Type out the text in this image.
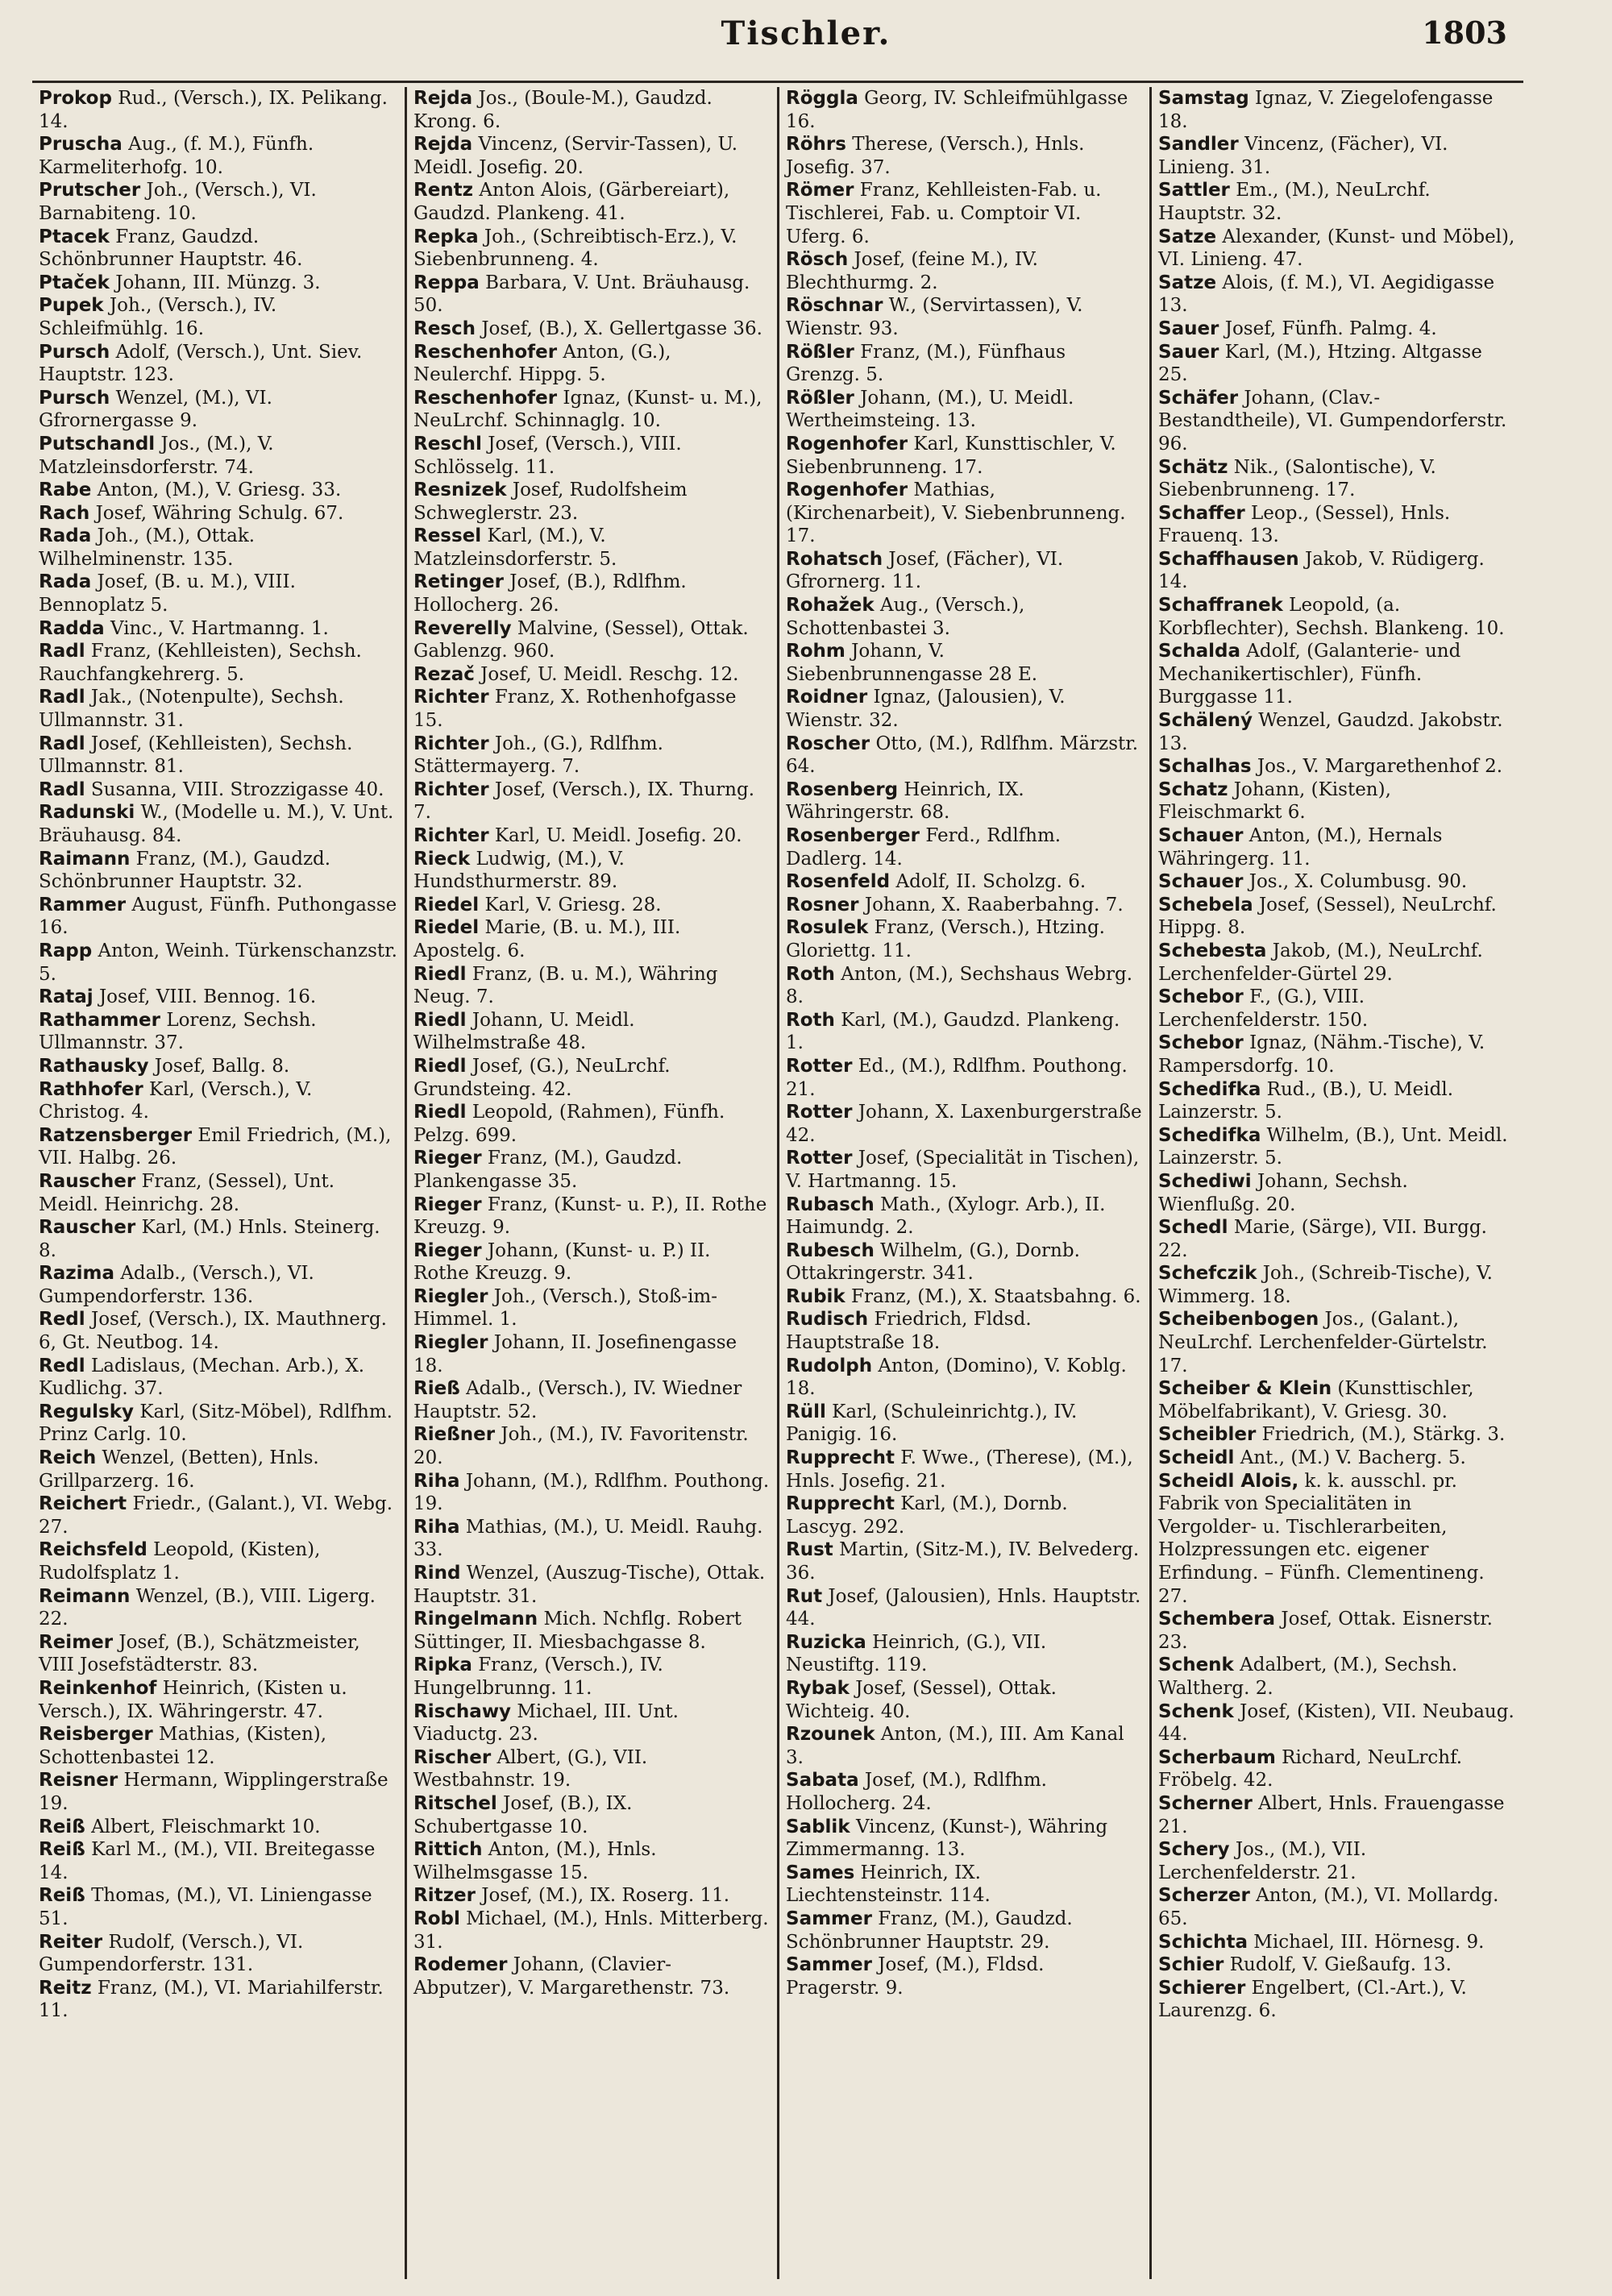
Tischler.	1803

Prokop Rud., (Versch.), IX. Pelikang. 14.

Pruscha Aug., (f. M.), Fünfh. Karmeliterhofg. 10.

Prutscher Joh., (Versch.), VI. Barnabiteng. 10.

Ptacek Franz, Gaudzd. Schönbrunner Hauptstr. 46.

Ptaček Johann, III. Münzg. 3.

Pupek Joh., (Versch.), IV. Schleifmühlg. 16.

Pursch Adolf, (Versch.), Unt. Siev. Hauptstr. 123.

Pursch Wenzel, (M.), VI. Gfrornergasse 9.

Putschandl Jos., (M.), V. Matzleinsdorferstr. 74.

Rabe Anton, (M.), V. Griesg. 33.

Rach Josef, Währing Schulg. 67.

Rada Joh., (M.), Ottak. Wilhelminenstr. 135.

Rada Josef, (B. u. M.), VIII. Bennoplatz 5.

Radda Vinc., V. Hartmanng. 1.

Radl Franz, (Kehlleisten), Sechsh. Rauchfangkehrerg. 5.

Radl Jak., (Notenpulte), Sechsh. Ullmannstr. 31.

Radl Josef, (Kehlleisten), Sechsh. Ullmannstr. 81.

Radl Susanna, VIII. Strozzigasse 40.

Radunski W., (Modelle u. M.), V. Unt. Bräuhausg. 84.

Raimann Franz, (M.), Gaudzd. Schönbrunner Hauptstr. 32.

Rammer August, Fünfh. Puthongasse 16.

Rapp Anton, Weinh. Türkenschanzstr. 5.

Rataj Josef, VIII. Bennog. 16.

Rathammer Lorenz, Sechsh. Ullmannstr. 37.

Rathausky Josef, Ballg. 8.

Rathhofer Karl, (Versch.), V. Christog. 4.

Ratzensberger Emil Friedrich, (M.), VII. Halbg. 26.

Rauscher Franz, (Sessel), Unt. Meidl. Heinrichg. 28.

Rauscher Karl, (M.) Hnls. Steinerg. 8.

Razima Adalb., (Versch.), VI. Gumpendorferstr. 136.

Redl Josef, (Versch.), IX. Mauthnerg. 6, Gt. Neutbog. 14.

Redl Ladislaus, (Mechan. Arb.), X. Kudlichg. 37.

Regulsky Karl, (Sitz-Möbel), Rdlfhm. Prinz Carlg. 10.

Reich Wenzel, (Betten), Hnls. Grillparzerg. 16.

Reichert Friedr., (Galant.), VI. Webg. 27.

Reichsfeld Leopold, (Kisten), Rudolfsplatz 1.

Reimann Wenzel, (B.), VIII. Ligerg. 22.

Reimer Josef, (B.), Schätzmeister, VIII Josefstädterstr. 83.

Reinkenhof Heinrich, (Kisten u. Versch.), IX. Währingerstr. 47.

Reisberger Mathias, (Kisten), Schottenbastei 12.

Reisner Hermann, Wipplingerstraße 19.

Reiß Albert, Fleischmarkt 10.

Reiß Karl M., (M.), VII. Breitegasse 14.

Reiß Thomas, (M.), VI. Liniengasse 51.

Reiter Rudolf, (Versch.), VI. Gumpendorferstr. 131.

Reitz Franz, (M.), VI. Mariahilferstr. 11.

Rejda Jos., (Boule-M.), Gaudzd. Krong. 6.

Rejda Vincenz, (Servir-Tassen), U. Meidl. Josefig. 20.

Rentz Anton Alois, (Gärbereiart), Gaudzd. Plankeng. 41.

Repka Joh., (Schreibtisch-Erz.), V. Siebenbrunneng. 4.

Reppa Barbara, V. Unt. Bräuhausg. 50.

Resch Josef, (B.), X. Gellertgasse 36.

Reschenhofer Anton, (G.), Neulerchf. Hippg. 5.

Reschenhofer Ignaz, (Kunst- u. M.), NeuLrchf. Schinnaglg. 10.

Reschl Josef, (Versch.), VIII. Schlösselg. 11.

Resnizek Josef, Rudolfsheim Schweglerstr. 23.

Ressel Karl, (M.), V. Matzleinsdorferstr. 5.

Retinger Josef, (B.), Rdlfhm. Hollocherg. 26.

Reverelly Malvine, (Sessel), Ottak. Gablenzg. 960.

Rezač Josef, U. Meidl. Reschg. 12.

Richter Franz, X. Rothenhofgasse 15.

Richter Joh., (G.), Rdlfhm. Stättermayerg. 7.

Richter Josef, (Versch.), IX. Thurng. 7.

Richter Karl, U. Meidl. Josefig. 20.

Rieck Ludwig, (M.), V. Hundsthurmerstr. 89.

Riedel Karl, V. Griesg. 28.

Riedel Marie, (B. u. M.), III. Apostelg. 6.

Riedl Franz, (B. u. M.), Währing Neug. 7.

Riedl Johann, U. Meidl. Wilhelmstraße 48.

Riedl Josef, (G.), NeuLrchf. Grundsteing. 42.

Riedl Leopold, (Rahmen), Fünfh. Pelzg. 699.

Rieger Franz, (M.), Gaudzd. Plankengasse 35.

Rieger Franz, (Kunst- u. P.), II. Rothe Kreuzg. 9.

Rieger Johann, (Kunst- u. P.) II. Rothe Kreuzg. 9.

Riegler Joh., (Versch.), Stoß-im-Himmel. 1.

Riegler Johann, II. Josefinengasse 18.

Rieß Adalb., (Versch.), IV. Wiedner Hauptstr. 52.

Rießner Joh., (M.), IV. Favoritenstr. 20.

Riha Johann, (M.), Rdlfhm. Pouthong. 19.

Riha Mathias, (M.), U. Meidl. Rauhg. 33.

Rind Wenzel, (Auszug-Tische), Ottak. Hauptstr. 31.

Ringelmann Mich. Nchflg. Robert Süttinger, II. Miesbachgasse 8.

Ripka Franz, (Versch.), IV. Hungelbrunng. 11.

Rischawy Michael, III. Unt. Viaductg. 23.

Rischer Albert, (G.), VII. Westbahnstr. 19.

Ritschel Josef, (B.), IX. Schubertgasse 10.

Rittich Anton, (M.), Hnls. Wilhelmsgasse 15.

Ritzer Josef, (M.), IX. Roserg. 11.

Robl Michael, (M.), Hnls. Mitterberg. 31.

Rodemer Johann, (Clavier-Abputzer), V. Margarethenstr. 73.

Röggla Georg, IV. Schleifmühlgasse 16.

Röhrs Therese, (Versch.), Hnls. Josefig. 37.

Römer Franz, Kehlleisten-Fab. u. Tischlerei, Fab. u. Comptoir VI. Uferg. 6.

Rösch Josef, (feine M.), IV. Blechthurmg. 2.

Röschnar W., (Servirtassen), V. Wienstr. 93.

Rößler Franz, (M.), Fünfhaus Grenzg. 5.

Rößler Johann, (M.), U. Meidl. Wertheimsteing. 13.

Rogenhofer Karl, Kunsttischler, V. Siebenbrunneng. 17.

Rogenhofer Mathias, (Kirchenarbeit), V. Siebenbrunneng. 17.

Rohatsch Josef, (Fächer), VI. Gfrornerg. 11.

Rohažek Aug., (Versch.), Schottenbastei 3.

Rohm Johann, V. Siebenbrunnengasse 28 E.

Roidner Ignaz, (Jalousien), V. Wienstr. 32.

Roscher Otto, (M.), Rdlfhm. Märzstr. 64.

Rosenberg Heinrich, IX. Währingerstr. 68.

Rosenberger Ferd., Rdlfhm. Dadlerg. 14.

Rosenfeld Adolf, II. Scholzg. 6.

Rosner Johann, X. Raaberbahng. 7.

Rosulek Franz, (Versch.), Htzing. Gloriettg. 11.

Roth Anton, (M.), Sechshaus Webrg. 8.

Roth Karl, (M.), Gaudzd. Plankeng. 1.

Rotter Ed., (M.), Rdlfhm. Pouthong. 21.

Rotter Johann, X. Laxenburgerstraße 42.

Rotter Josef, (Specialität in Tischen), V. Hartmanng. 15.

Rubasch Math., (Xylogr. Arb.), II. Haimundg. 2.

Rubesch Wilhelm, (G.), Dornb. Ottakringerstr. 341.

Rubik Franz, (M.), X. Staatsbahng. 6.

Rudisch Friedrich, Fldsd. Hauptstraße 18.

Rudolph Anton, (Domino), V. Koblg. 18.

Rüll Karl, (Schuleinrichtg.), IV. Panigig. 16.

Rupprecht F. Wwe., (Therese), (M.), Hnls. Josefig. 21.

Rupprecht Karl, (M.), Dornb. Lascyg. 292.

Rust Martin, (Sitz-M.), IV. Belvederg. 36.

Rut Josef, (Jalousien), Hnls. Hauptstr. 44.

Ruzicka Heinrich, (G.), VII. Neustiftg. 119.

Rybak Josef, (Sessel), Ottak. Wichteig. 40.

Rzounek Anton, (M.), III. Am Kanal 3.

Sabata Josef, (M.), Rdlfhm. Hollocherg. 24.

Sablik Vincenz, (Kunst-), Währing Zimmermanng. 13.

Sames Heinrich, IX. Liechtensteinstr. 114.

Sammer Franz, (M.), Gaudzd. Schönbrunner Hauptstr. 29.

Sammer Josef, (M.), Fldsd. Pragerstr. 9.

Samstag Ignaz, V. Ziegelofengasse 18.

Sandler Vincenz, (Fächer), VI. Linieng. 31.

Sattler Em., (M.), NeuLrchf. Hauptstr. 32.

Satze Alexander, (Kunst- und Möbel), VI. Linieng. 47.

Satze Alois, (f. M.), VI. Aegidigasse 13.

Sauer Josef, Fünfh. Palmg. 4.

Sauer Karl, (M.), Htzing. Altgasse 25.

Schäfer Johann, (Clav.-Bestandtheile), VI. Gumpendorferstr. 96.

Schätz Nik., (Salontische), V. Siebenbrunneng. 17.

Schaffer Leop., (Sessel), Hnls. Frauenq. 13.

Schaffhausen Jakob, V. Rüdigerg. 14.

Schaffranek Leopold, (a. Korbflechter), Sechsh. Blankeng. 10.

Schalda Adolf, (Galanterie- und Mechanikertischler), Fünfh. Burggasse 11.

Schälený Wenzel, Gaudzd. Jakobstr. 13.

Schalhas Jos., V. Margarethenhof 2.

Schatz Johann, (Kisten), Fleischmarkt 6.

Schauer Anton, (M.), Hernals Währingerg. 11.

Schauer Jos., X. Columbusg. 90.

Schebela Josef, (Sessel), NeuLrchf. Hippg. 8.

Schebesta Jakob, (M.), NeuLrchf. Lerchenfelder-Gürtel 29.

Schebor F., (G.), VIII. Lerchenfelderstr. 150.

Schebor Ignaz, (Nähm.-Tische), V. Rampersdorfg. 10.

Schedifka Rud., (B.), U. Meidl. Lainzerstr. 5.

Schedifka Wilhelm, (B.), Unt. Meidl. Lainzerstr. 5.

Schediwi Johann, Sechsh. Wienflußg. 20.

Schedl Marie, (Särge), VII. Burgg. 22.

Schefczik Joh., (Schreib-Tische), V. Wimmerg. 18.

Scheibenbogen Jos., (Galant.), NeuLrchf. Lerchenfelder-Gürtelstr. 17.

Scheiber & Klein (Kunsttischler, Möbelfabrikant), V. Griesg. 30.

Scheibler Friedrich, (M.), Stärkg. 3.

Scheidl Ant., (M.) V. Bacherg. 5.

Scheidl Alois, k. k. ausschl. pr. Fabrik von Specialitäten in Vergolder- u. Tischlerarbeiten, Holzpressungen etc. eigener Erfindung. – Fünfh. Clementineng. 27.

Schembera Josef, Ottak. Eisnerstr. 23.

Schenk Adalbert, (M.), Sechsh. Waltherg. 2.

Schenk Josef, (Kisten), VII. Neubaug. 44.

Scherbaum Richard, NeuLrchf. Fröbelg. 42.

Scherner Albert, Hnls. Frauengasse 21.

Schery Jos., (M.), VII. Lerchenfelderstr. 21.

Scherzer Anton, (M.), VI. Mollardg. 65.

Schichta Michael, III. Hörnesg. 9.

Schier Rudolf, V. Gießaufg. 13.

Schierer Engelbert, (Cl.-Art.), V. Laurenzg. 6.
